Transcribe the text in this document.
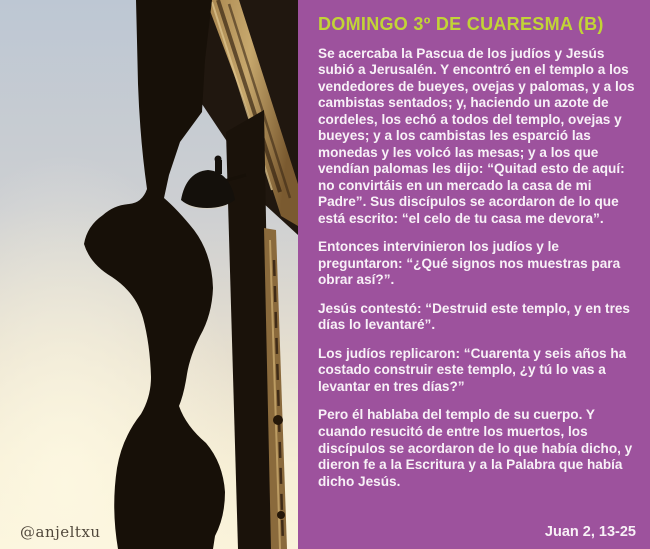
@anjeltxu
DOMINGO 3º DE CUARESMA (B)

Se acercaba la Pascua de los judíos y Jesús subió a Jerusalén. Y encontró en el templo a los vendedores de bueyes, ovejas y palomas, y a los cambistas sentados; y, haciendo un azote de cordeles, los echó a todos del templo, ovejas y bueyes; y a los cambistas les esparció las monedas y les volcó las mesas; y a los que vendían palomas les dijo: “Quitad esto de aquí: no convirtáis en un mercado la casa de mi Padre”. Sus discípulos se acordaron de lo que está escrito: “el celo de tu casa me devora”.

Entonces intervinieron los judíos y le preguntaron: “¿Qué signos nos muestras para obrar así?”.

Jesús contestó: “Destruid este templo, y en tres días lo levantaré”.

Los judíos replicaron: “Cuarenta y seis años ha costado construir este templo, ¿y tú lo vas a levantar en tres días?”

Pero él hablaba del templo de su cuerpo. Y cuando resucitó de entre los muertos, los discípulos se acordaron de lo que había dicho, y dieron fe a la Escritura y a la Palabra que había dicho Jesús.

Juan 2, 13-25
